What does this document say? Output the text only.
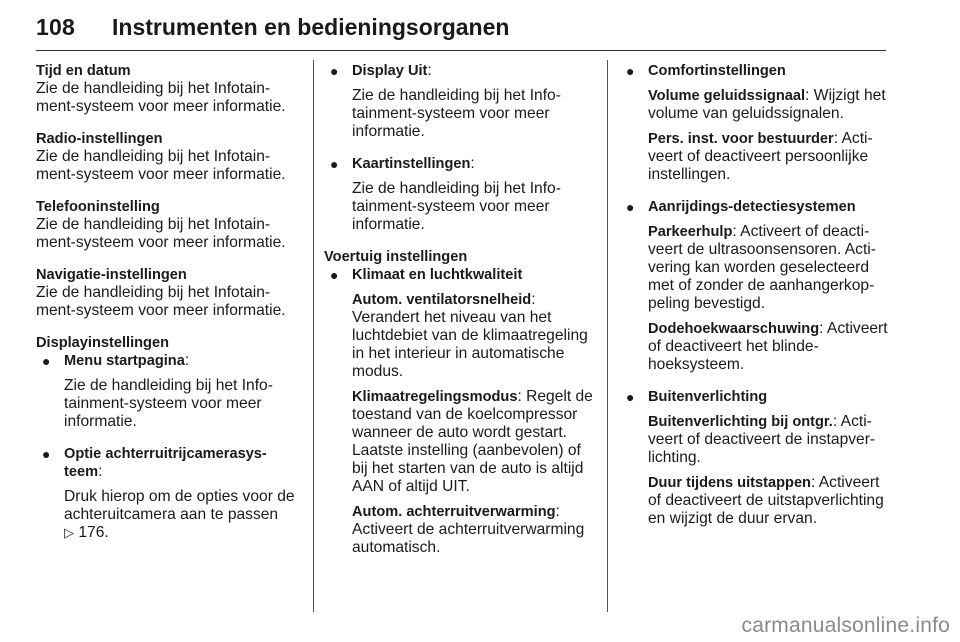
108 Instrumenten en bedieningsorganen
Tijd en datum
Zie de handleiding bij het Infotainment-systeem voor meer informatie.
Radio-instellingen
Zie de handleiding bij het Infotainment-systeem voor meer informatie.
Telefooninstelling
Zie de handleiding bij het Infotainment-systeem voor meer informatie.
Navigatie-instellingen
Zie de handleiding bij het Infotainment-systeem voor meer informatie.
Displayinstellingen
● Menu startpagina:
Zie de handleiding bij het Infotainment-systeem voor meer informatie.
● Optie achterruitrijcamerasysteem:
Druk hierop om de opties voor de achteruitcamera aan te passen
▷ 176.
● Display Uit:
Zie de handleiding bij het Infotainment-systeem voor meer informatie.
● Kaartinstellingen:
Zie de handleiding bij het Infotainment-systeem voor meer informatie.
Voertuig instellingen
● Klimaat en luchtkwaliteit
Autom. ventilatorsnelheid: Verandert het niveau van het luchtdebiet van de klimaatregeling in het interieur in automatische modus.
Klimaatregelingsmodus: Regelt de toestand van de koelcompressor wanneer de auto wordt gestart. Laatste instelling (aanbevolen) of bij het starten van de auto is altijd AAN of altijd UIT.
Autom. achterruitverwarming: Activeert de achterruitverwarming automatisch.
● Comfortinstellingen
Volume geluidssignaal: Wijzigt het volume van geluidssignalen.
Pers. inst. voor bestuurder: Activeert of deactiveert persoonlijke instellingen.
● Aanrijdings-detectiesystemen
Parkeerhulp: Activeert of deactiveert de ultrasoonsensoren. Activering kan worden geselecteerd met of zonder de aanhangerkoppeling bevestigd.
Dodehoekwaarschuwing: Activeert of deactiveert het blindehoeksysteem.
● Buitenverlichting
Buitenverlichting bij ontgr.: Activeert of deactiveert de instapverlichting.
Duur tijdens uitstappen: Activeert of deactiveert de uitstapverlichting en wijzigt de duur ervan.
carmanualsonline.info
